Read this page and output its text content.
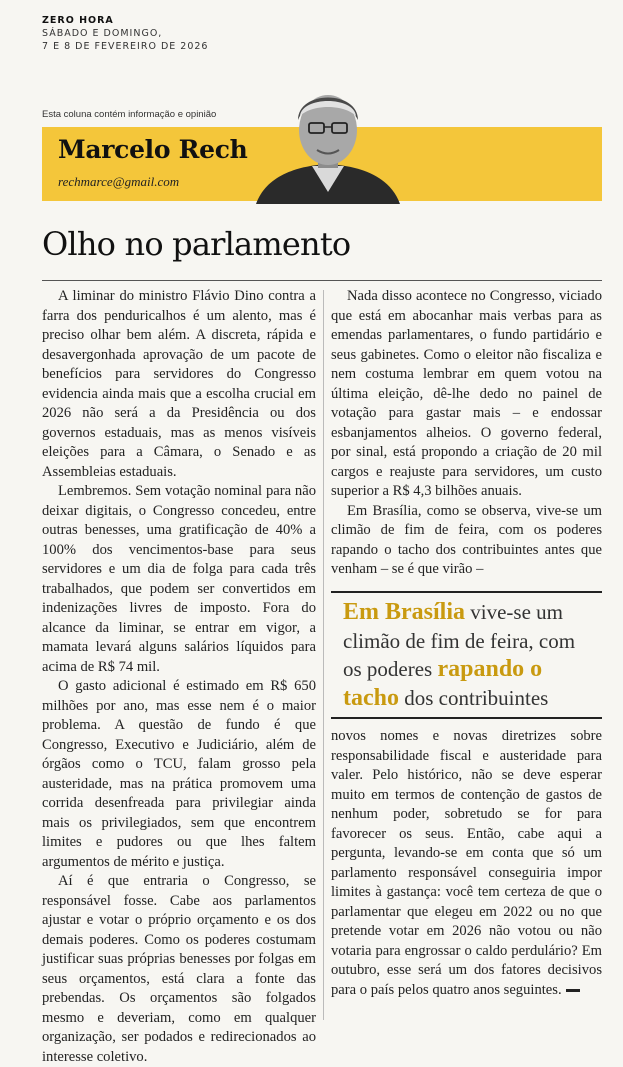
ZERO HORA
SÁBADO E DOMINGO,
7 E 8 DE FEVEREIRO DE 2026
Esta coluna contém informação e opinião
Marcelo Rech
rechmarce@gmail.com
Olho no parlamento

A liminar do ministro Flávio Dino contra a farra dos penduricalhos é um alento, mas é preciso olhar bem além. A discreta, rápida e desavergonhada aprovação de um pacote de benefícios para servidores do Congresso evidencia ainda mais que a escolha crucial em 2026 não será a da Presidência ou dos governos estaduais, mas as menos visíveis eleições para a Câmara, o Senado e as Assembleias estaduais.

Lembremos. Sem votação nominal para não deixar digitais, o Congresso concedeu, entre outras benesses, uma gratificação de 40% a 100% dos vencimentos-base para seus servidores e um dia de folga para cada três trabalhados, que podem ser convertidos em indenizações livres de imposto. Fora do alcance da liminar, se entrar em vigor, a mamata levará alguns salários líquidos para acima de R$ 74 mil.

O gasto adicional é estimado em R$ 650 milhões por ano, mas esse nem é o maior problema. A questão de fundo é que Congresso, Executivo e Judiciário, além de órgãos como o TCU, falam grosso pela austeridade, mas na prática promovem uma corrida desenfreada para privilegiar ainda mais os privilegiados, sem que encontrem limites e pudores ou que lhes faltem argumentos de mérito e justiça.

Aí é que entraria o Congresso, se responsável fosse. Cabe aos parlamentos ajustar e votar o próprio orçamento e os dos demais poderes. Como os poderes costumam justificar suas próprias benesses por folgas em seus orçamentos, está clara a fonte das prebendas. Os orçamentos são folgados mesmo e deveriam, como em qualquer organização, ser podados e redirecionados ao interesse coletivo.

Nada disso acontece no Congresso, viciado que está em abocanhar mais verbas para as emendas parlamentares, o fundo partidário e seus gabinetes. Como o eleitor não fiscaliza e nem costuma lembrar em quem votou na última eleição, dê-lhe dedo no painel de votação para gastar mais – e endossar esbanjamentos alheios. O governo federal, por sinal, está propondo a criação de 20 mil cargos e reajuste para servidores, um custo superior a R$ 4,3 bilhões anuais.

Em Brasília, como se observa, vive-se um climão de fim de feira, com os poderes rapando o tacho dos contribuintes antes que venham – se é que virão –

Em Brasília vive-se um
climão de fim de feira, com
os poderes rapando o
tacho dos contribuintes

novos nomes e novas diretrizes sobre responsabilidade fiscal e austeridade para valer. Pelo histórico, não se deve esperar muito em termos de contenção de gastos de nenhum poder, sobretudo se for para favorecer os seus. Então, cabe aqui a pergunta, levando-se em conta que só um parlamento responsável conseguiria impor limites à gastança: você tem certeza de que o parlamentar que elegeu em 2022 ou no que pretende votar em 2026 não votou ou não votaria para engrossar o caldo perdulário? Em outubro, esse será um dos fatores decisivos para o país pelos quatro anos seguintes.
